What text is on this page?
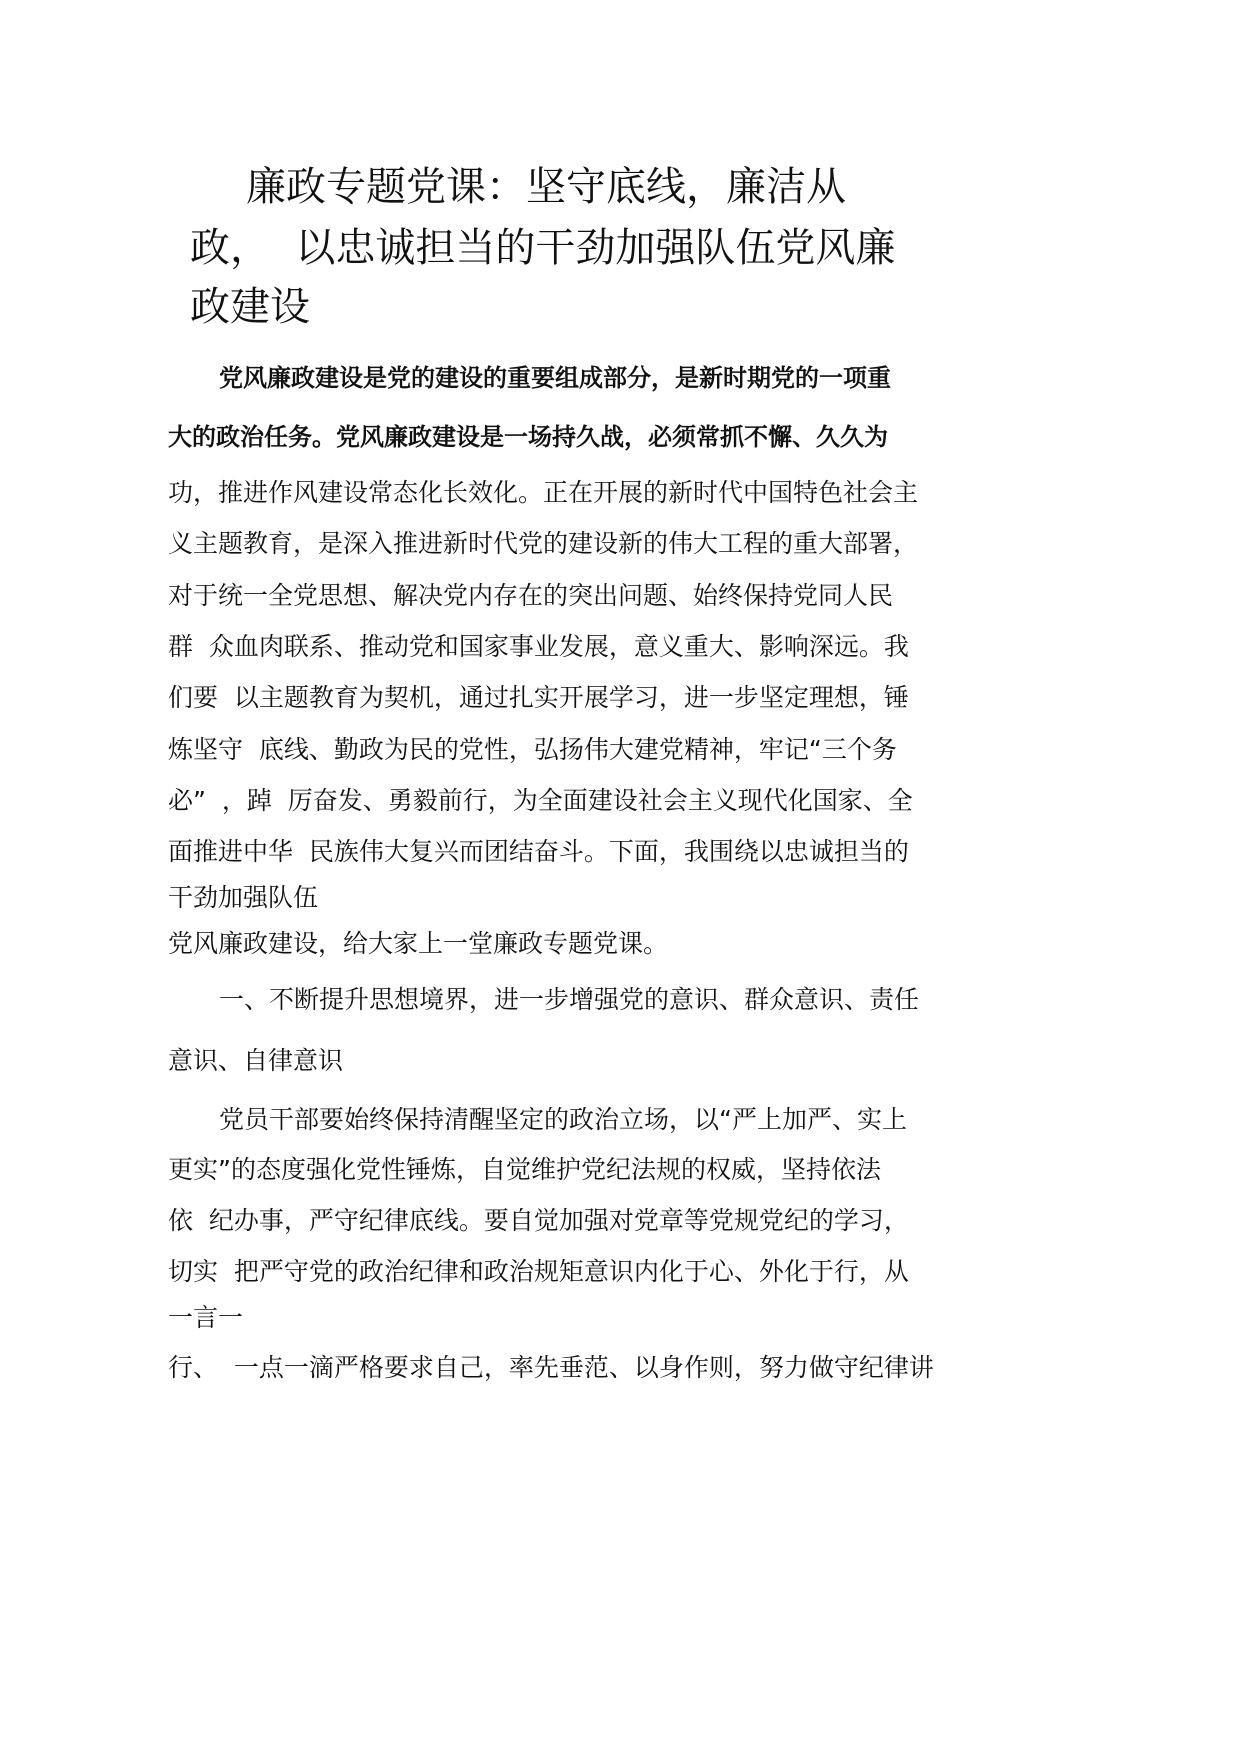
廉政专题党课：坚守底线，廉洁从
政，  以忠诚担当的干劲加强队伍党风廉
政建设
党风廉政建设是党的建设的重要组成部分，是新时期党的一项重
大的政治任务。党风廉政建设是一场持久战，必须常抓不懈、久久为
功，推进作风建设常态化长效化。正在开展的新时代中国特色社会主
义主题教育，是深入推进新时代党的建设新的伟大工程的重大部署，
对于统一全党思想、解决党内存在的突出问题、始终保持党同人民
群  众血肉联系、推动党和国家事业发展，意义重大、影响深远。我
们要  以主题教育为契机，通过扎实开展学习，进一步坚定理想，锤
炼坚守  底线、勤政为民的党性，弘扬伟大建党精神，牢记“三个务
必”  ，踔  厉奋发、勇毅前行，为全面建设社会主义现代化国家、全
面推进中华  民族伟大复兴而团结奋斗。下面，我围绕以忠诚担当的
干劲加强队伍
党风廉政建设，给大家上一堂廉政专题党课。
一、不断提升思想境界，进一步增强党的意识、群众意识、责任
意识、自律意识
党员干部要始终保持清醒坚定的政治立场，以“严上加严、实上
更实”的态度强化党性锤炼，自觉维护党纪法规的权威，坚持依法
依  纪办事，严守纪律底线。要自觉加强对党章等党规党纪的学习，
切实  把严守党的政治纪律和政治规矩意识内化于心、外化于行，从
一言一
行、  一点一滴严格要求自己，率先垂范、以身作则，努力做守纪律讲
